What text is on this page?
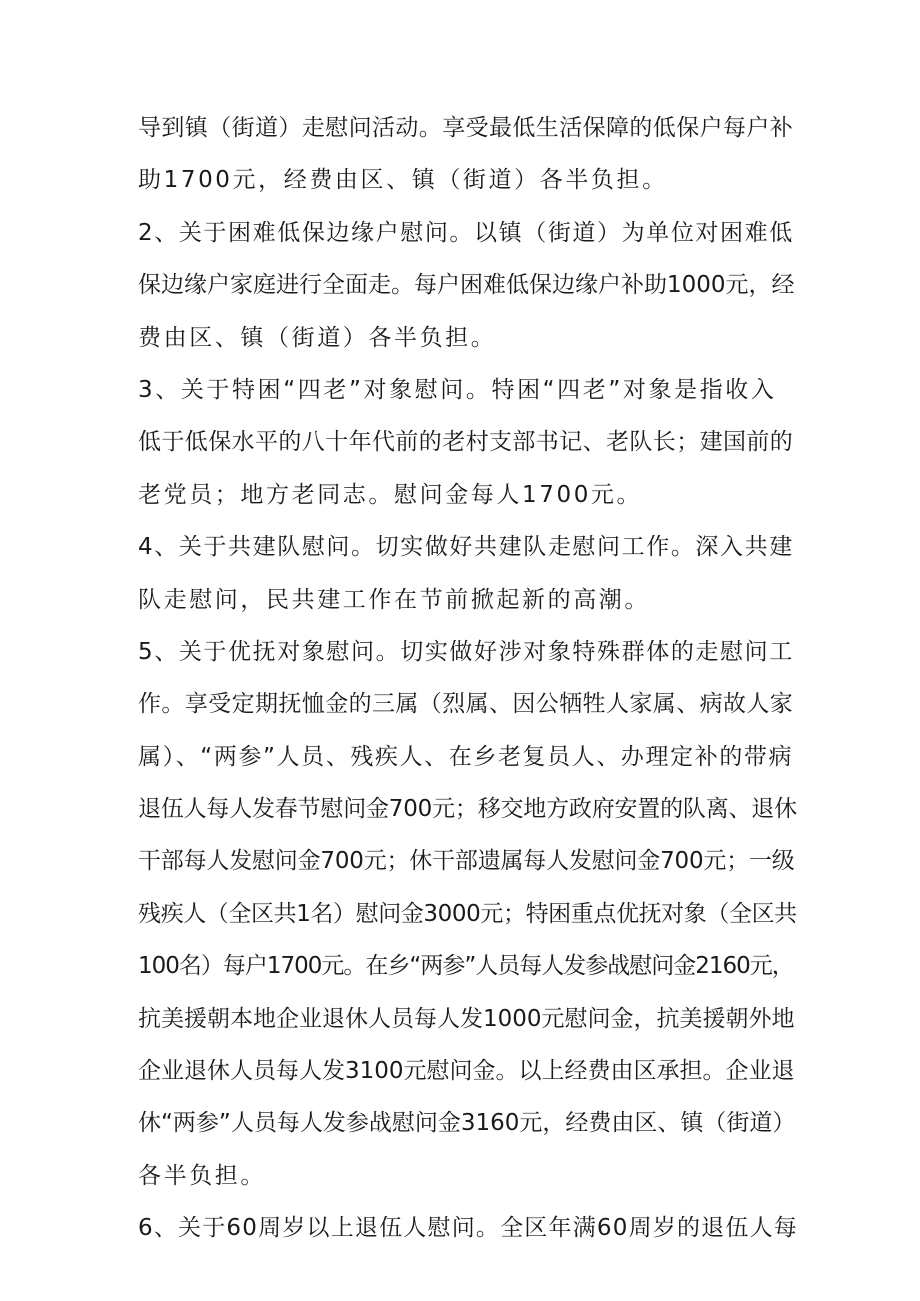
导到镇（街道）走慰问活动。享受最低生活保障的低保户每户补
助1700元，经费由区、镇（街道）各半负担。
2、关于困难低保边缘户慰问。以镇（街道）为单位对困难低
保边缘户家庭进行全面走。每户困难低保边缘户补助1000元，经
费由区、镇（街道）各半负担。
3、关于特困“四老”对象慰问。特困“四老”对象是指收入
低于低保水平的八十年代前的老村支部书记、老队长；建国前的
老党员；地方老同志。慰问金每人1700元。
4、关于共建队慰问。切实做好共建队走慰问工作。深入共建
队走慰问，民共建工作在节前掀起新的高潮。
5、关于优抚对象慰问。切实做好涉对象特殊群体的走慰问工
作。享受定期抚恤金的三属（烈属、因公牺牲人家属、病故人家
属）、“两参”人员、残疾人、在乡老复员人、办理定补的带病
退伍人每人发春节慰问金700元；移交地方政府安置的队离、退休
干部每人发慰问金700元；休干部遗属每人发慰问金700元；一级
残疾人（全区共1名）慰问金3000元；特困重点优抚对象（全区共
100名）每户1700元。在乡“两参”人员每人发参战慰问金2160元，
抗美援朝本地企业退休人员每人发1000元慰问金，抗美援朝外地
企业退休人员每人发3100元慰问金。以上经费由区承担。企业退
休“两参”人员每人发参战慰问金3160元，经费由区、镇（街道）
各半负担。
6、关于60周岁以上退伍人慰问。全区年满60周岁的退伍人每
